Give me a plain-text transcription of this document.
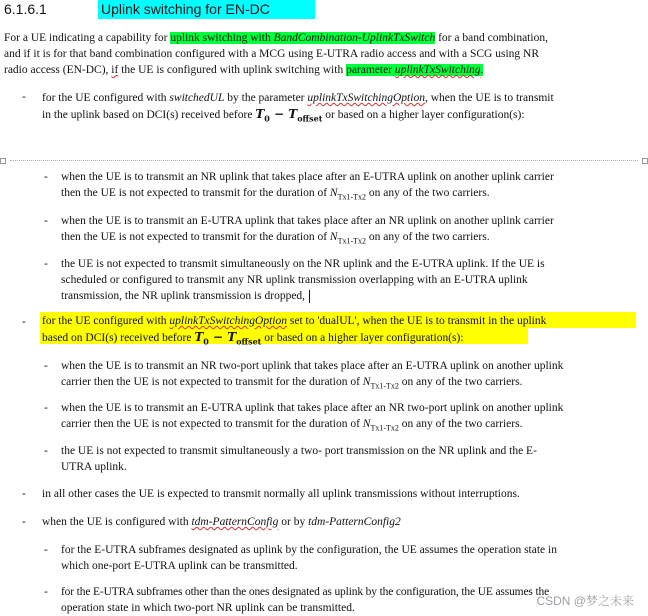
6.1.6.1	Uplink switching for EN-DC
For a UE indicating a capability for uplink switching with BandCombination-UplinkTxSwitch for a band combination,
and if it is for that band combination configured with a MCG using E-UTRA radio access and with a SCG using NR
radio access (EN-DC), if the UE is configured with uplink switching with parameter uplinkTxSwitching.
- for the UE configured with switchedUL by the parameter uplinkTxSwitchingOption, when the UE is to transmit
in the uplink based on DCI(s) received before $T_0 - T_{offset}$ or based on a higher layer configuration(s):
- when the UE is to transmit an NR uplink that takes place after an E-UTRA uplink on another uplink carrier
then the UE is not expected to transmit for the duration of $N_{Tx1-Tx2}$ on any of the two carriers.
- when the UE is to transmit an E-UTRA uplink that takes place after an NR uplink on another uplink carrier
then the UE is not expected to transmit for the duration of $N_{Tx1-Tx2}$ on any of the two carriers.
- the UE is not expected to transmit simultaneously on the NR uplink and the E-UTRA uplink. If the UE is
scheduled or configured to transmit any NR uplink transmission overlapping with an E-UTRA uplink
transmission, the NR uplink transmission is dropped,
- for the UE configured with uplinkTxSwitchingOption set to 'dualUL', when the UE is to transmit in the uplink
based on DCI(s) received before $T_0 - T_{offset}$ or based on a higher layer configuration(s):
- when the UE is to transmit an NR two-port uplink that takes place after an E-UTRA uplink on another uplink
carrier then the UE is not expected to transmit for the duration of $N_{Tx1-Tx2}$ on any of the two carriers.
- when the UE is to transmit an E-UTRA uplink that takes place after an NR two-port uplink on another uplink
carrier then the UE is not expected to transmit for the duration of $N_{Tx1-Tx2}$ on any of the two carriers.
- the UE is not expected to transmit simultaneously a two- port transmission on the NR uplink and the E-
UTRA uplink.
- in all other cases the UE is expected to transmit normally all uplink transmissions without interruptions.
- when the UE is configured with tdm-PatternConfig or by tdm-PatternConfig2
- for the E-UTRA subframes designated as uplink by the configuration, the UE assumes the operation state in
which one-port E-UTRA uplink can be transmitted.
- for the E-UTRA subframes other than the ones designated as uplink by the configuration, the UE assumes the
operation state in which two-port NR uplink can be transmitted.	CSDN @梦之未来
